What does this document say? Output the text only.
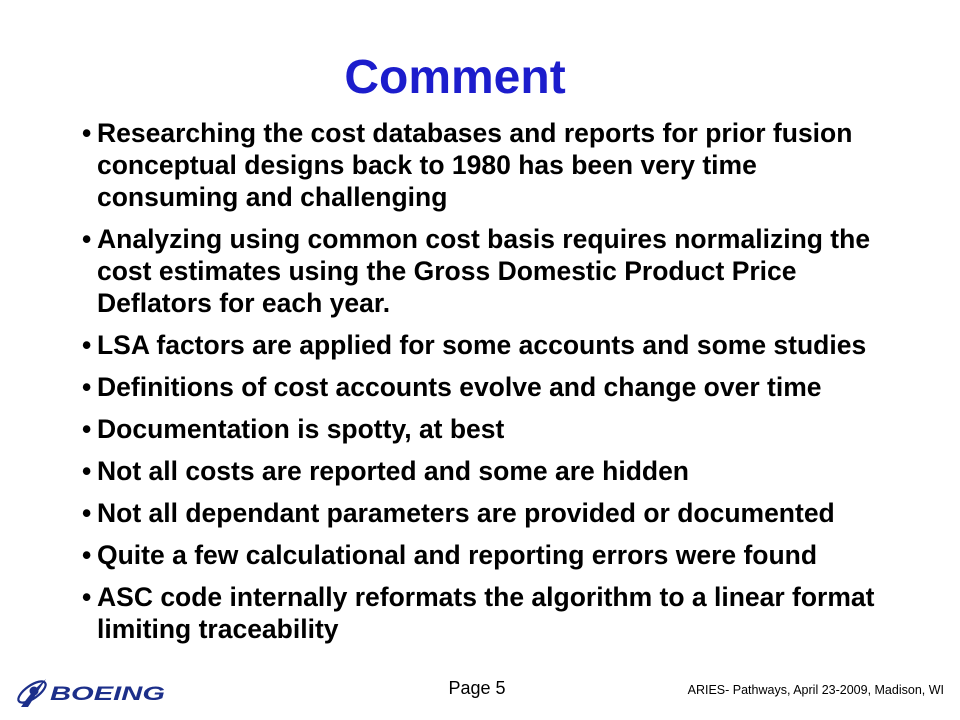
Comment
• Researching the cost databases and reports for prior fusion
conceptual designs back to 1980 has been very time
consuming and challenging
• Analyzing using common cost basis requires normalizing the
cost estimates using the Gross Domestic Product Price
Deflators for each year.
• LSA factors are applied for some accounts and some studies
• Definitions of cost accounts evolve and change over time
• Documentation is spotty, at best
• Not all costs are reported and some are hidden
• Not all dependant parameters are provided or documented
• Quite a few calculational and reporting errors were found
• ASC code internally reformats the algorithm to a linear format
limiting traceability
BOEING	Page 5	ARIES- Pathways, April 23-2009, Madison, WI
